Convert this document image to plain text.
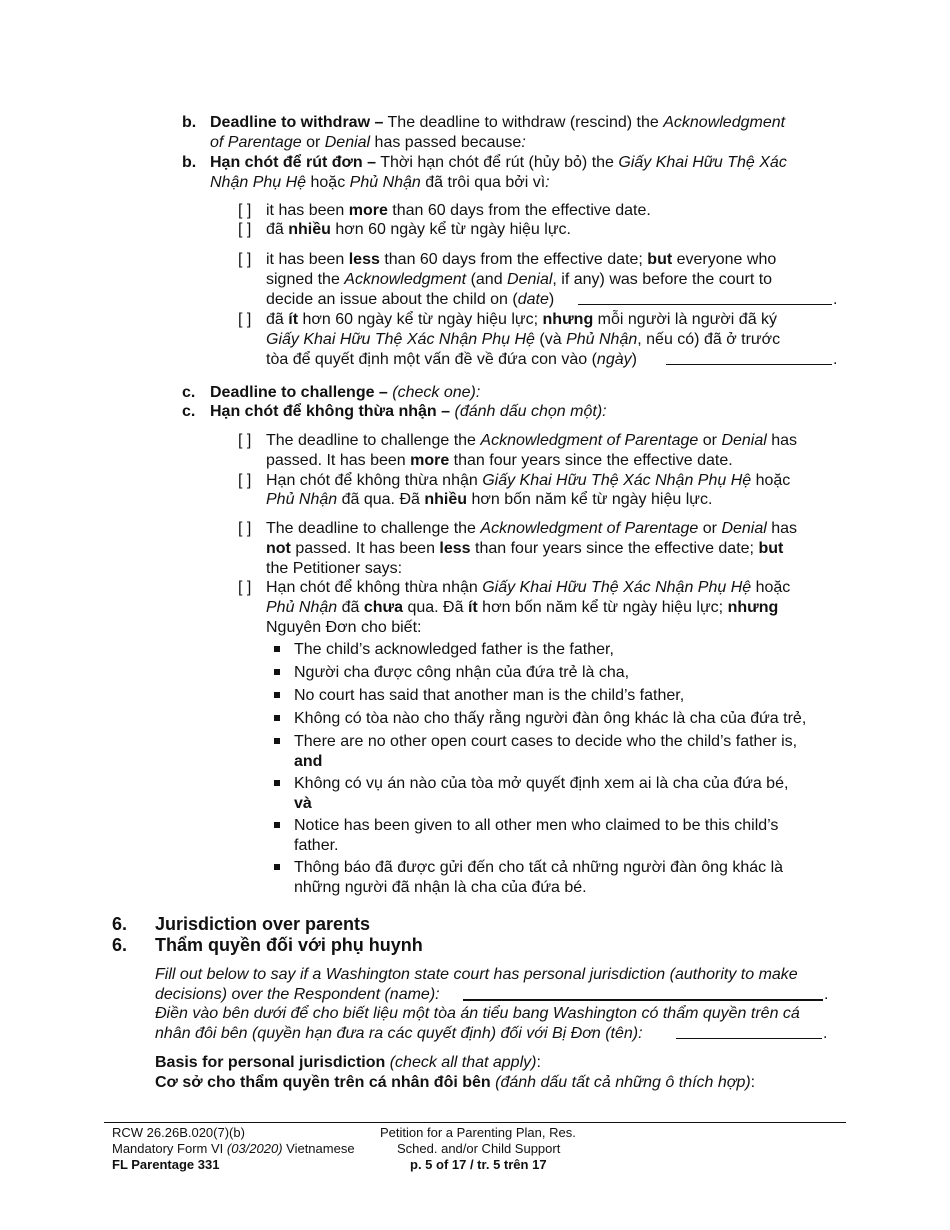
b. Deadline to withdraw – The deadline to withdraw (rescind) the Acknowledgment
of Parentage or Denial has passed because:
b. Hạn chót để rút đơn – Thời hạn chót để rút (hủy bỏ) the Giấy Khai Hữu Thệ Xác
Nhận Phụ Hệ hoặc Phủ Nhận đã trôi qua bởi vì:
[ ] it has been more than 60 days from the effective date.
[ ] đã nhiều hơn 60 ngày kể từ ngày hiệu lực.
[ ] it has been less than 60 days from the effective date; but everyone who
signed the Acknowledgment (and Denial, if any) was before the court to
decide an issue about the child on (date)	.
[ ] đã ít hơn 60 ngày kể từ ngày hiệu lực; nhưng mỗi người là người đã ký
Giấy Khai Hữu Thệ Xác Nhận Phụ Hệ (và Phủ Nhận, nếu có) đã ở trước
tòa để quyết định một vấn đề về đứa con vào (ngày)	.
c. Deadline to challenge – (check one):
c. Hạn chót để không thừa nhận – (đánh dấu chọn một):
[ ] The deadline to challenge the Acknowledgment of Parentage or Denial has
passed. It has been more than four years since the effective date.
[ ] Hạn chót để không thừa nhận Giấy Khai Hữu Thệ Xác Nhận Phụ Hệ hoặc
Phủ Nhận đã qua. Đã nhiều hơn bốn năm kể từ ngày hiệu lực.
[ ] The deadline to challenge the Acknowledgment of Parentage or Denial has
not passed. It has been less than four years since the effective date; but
the Petitioner says:
[ ] Hạn chót để không thừa nhận Giấy Khai Hữu Thệ Xác Nhận Phụ Hệ hoặc
Phủ Nhận đã chưa qua. Đã ít hơn bốn năm kể từ ngày hiệu lực; nhưng
Nguyên Đơn cho biết:
The child’s acknowledged father is the father,
Người cha được công nhận của đứa trẻ là cha,
No court has said that another man is the child’s father,
Không có tòa nào cho thấy rằng người đàn ông khác là cha của đứa trẻ,
There are no other open court cases to decide who the child’s father is,
and
Không có vụ án nào của tòa mở quyết định xem ai là cha của đứa bé,
và
Notice has been given to all other men who claimed to be this child’s
father.
Thông báo đã được gửi đến cho tất cả những người đàn ông khác là
những người đã nhận là cha của đứa bé.
6. Jurisdiction over parents
6. Thẩm quyền đối với phụ huynh
Fill out below to say if a Washington state court has personal jurisdiction (authority to make
decisions) over the Respondent (name):	.
Điền vào bên dưới để cho biết liệu một tòa án tiểu bang Washington có thẩm quyền trên cá
nhân đôi bên (quyền hạn đưa ra các quyết định) đối với Bị Đơn (tên):	.
Basis for personal jurisdiction (check all that apply):
Cơ sở cho thẩm quyền trên cá nhân đôi bên (đánh dấu tất cả những ô thích hợp):
RCW 26.26B.020(7)(b)
Mandatory Form VI (03/2020) Vietnamese
FL Parentage 331
Petition for a Parenting Plan, Res.
Sched. and/or Child Support
p. 5 of 17 / tr. 5 trên 17
